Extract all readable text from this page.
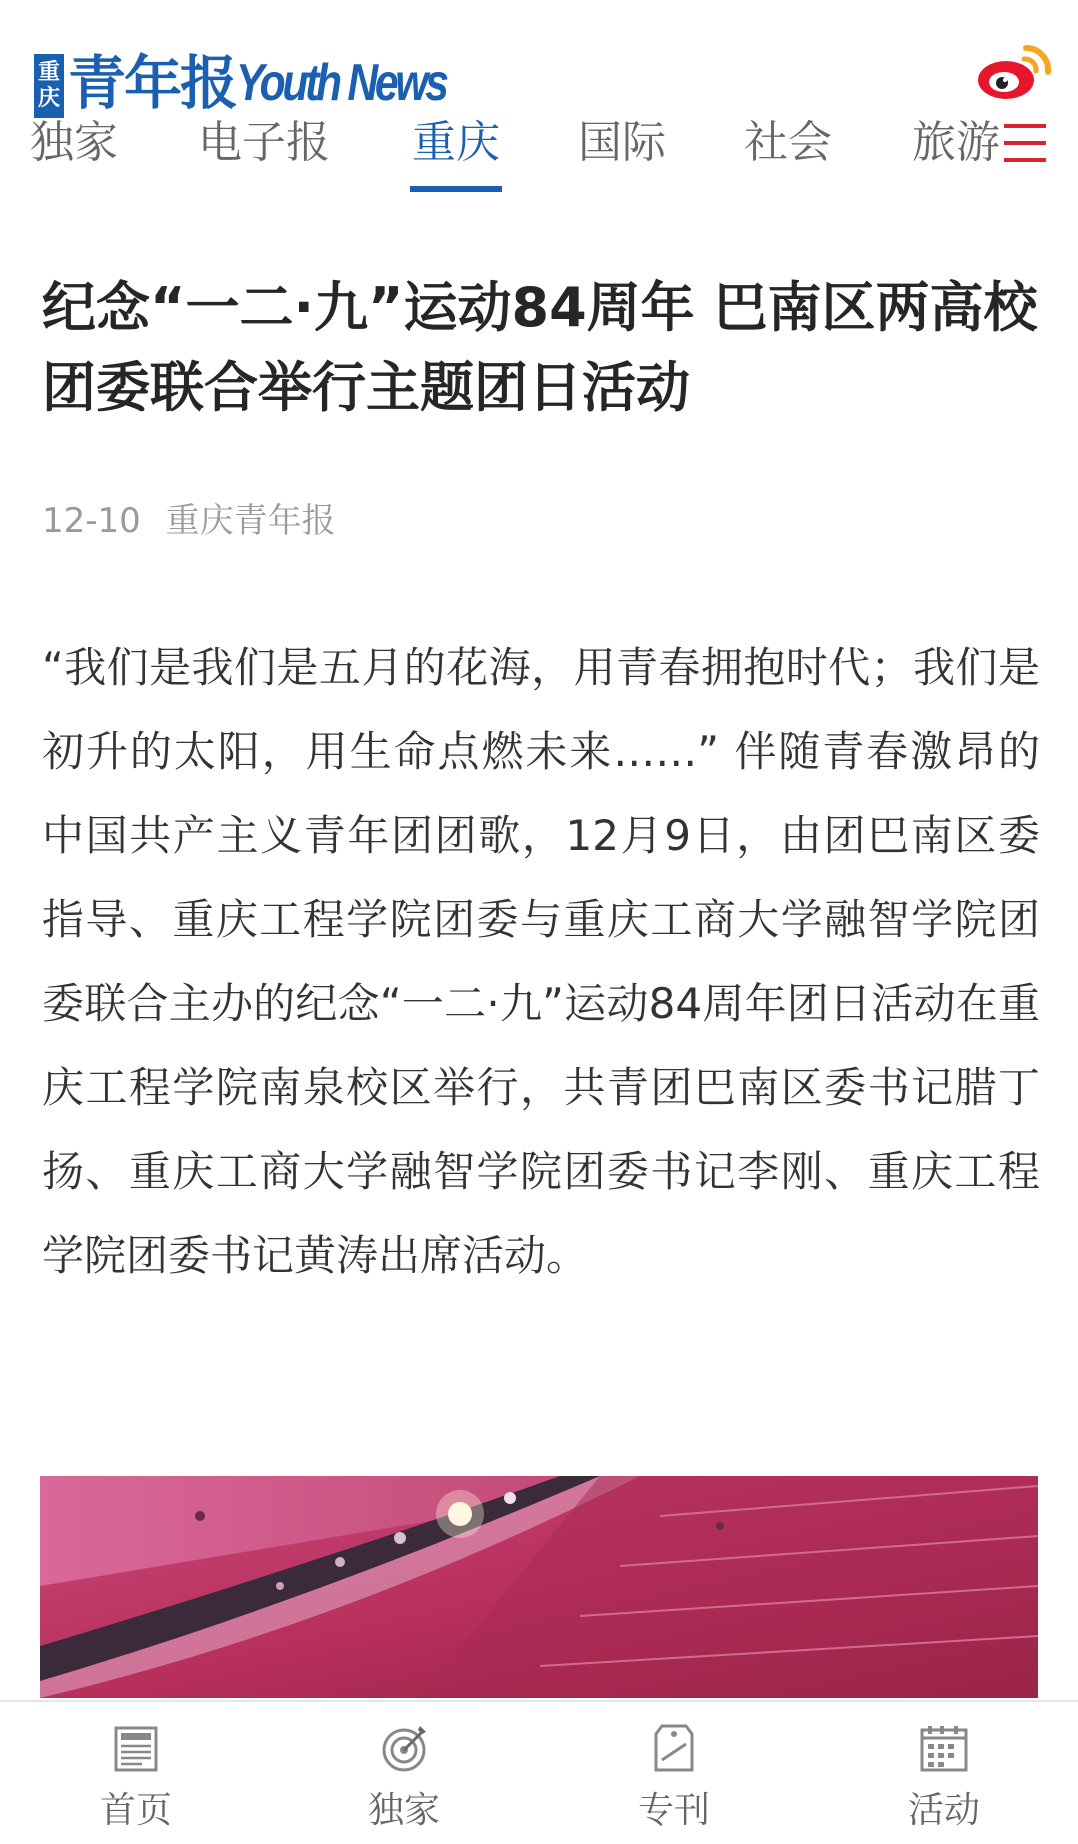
重庆 青年报 Youth News
独家 电子报 重庆 国际 社会 旅游
纪念“一二·九”运动84周年 巴南区两高校团委联合举行主题团日活动
12-10 重庆青年报

“我们是我们是五月的花海，用青春拥抱时代；我们是初升的太阳，用生命点燃未来……” 伴随青春激昂的中国共产主义青年团团歌，12月9日，由团巴南区委指导、重庆工程学院团委与重庆工商大学融智学院团委联合主办的纪念“一二·九”运动84周年团日活动在重庆工程学院南泉校区举行，共青团巴南区委书记腊丁扬、重庆工商大学融智学院团委书记李刚、重庆工程学院团委书记黄涛出席活动。

首页	独家	专刊	活动
